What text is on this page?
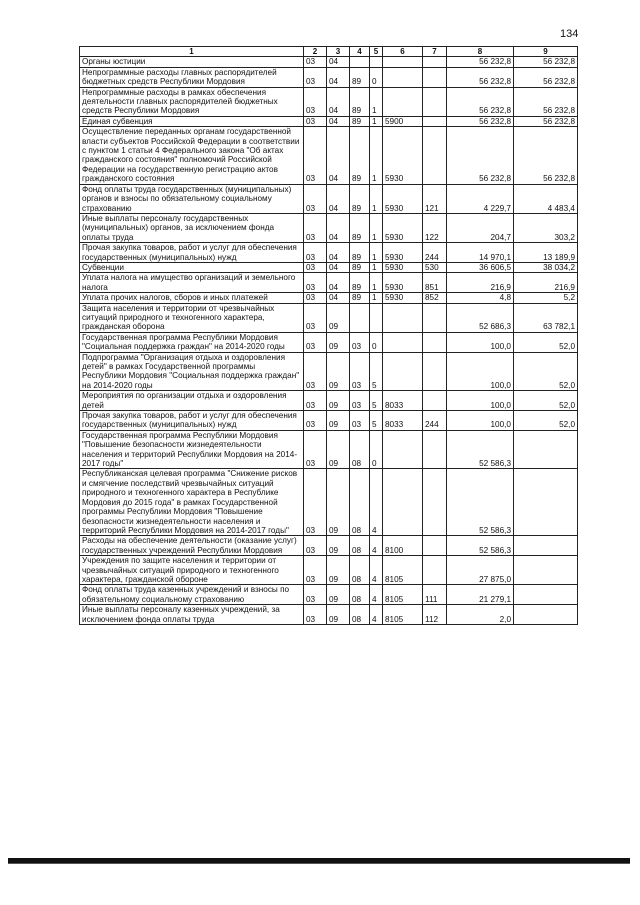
134
1	2	3	4	5	6	7	8	9
Органы юстиции	03	04					56 232,8	56 232,8
Непрограммные расходы главных распорядителей бюджетных средств Республики Мордовия	03	04	89	0			56 232,8	56 232,8
Непрограммные расходы в рамках обеспечения деятельности главных распорядителей бюджетных средств Республики Мордовия	03	04	89	1			56 232,8	56 232,8
Единая субвенция	03	04	89	1	5900		56 232,8	56 232,8
Осуществление переданных органам государственной власти субъектов Российской Федерации в соответствии с пунктом 1 статьи 4 Федерального закона "Об актах гражданского состояния" полномочий Российской Федерации на государственную регистрацию актов гражданского состояния	03	04	89	1	5930		56 232,8	56 232,8
Фонд оплаты труда государственных (муниципальных) органов и взносы по обязательному социальному страхованию	03	04	89	1	5930	121	4 229,7	4 483,4
Иные выплаты персоналу государственных (муниципальных) органов, за исключением фонда оплаты труда	03	04	89	1	5930	122	204,7	303,2
Прочая закупка товаров, работ и услуг для обеспечения государственных (муниципальных) нужд	03	04	89	1	5930	244	14 970,1	13 189,9
Субвенции	03	04	89	1	5930	530	36 606,5	38 034,2
Уплата налога на имущество организаций и земельного налога	03	04	89	1	5930	851	216,9	216,9
Уплата прочих налогов, сборов и иных платежей	03	04	89	1	5930	852	4,8	5,2
Защита населения и территории от чрезвычайных ситуаций природного и техногенного характера, гражданская оборона	03	09					52 686,3	63 782,1
Государственная программа Республики Мордовия "Социальная поддержка граждан" на 2014-2020 годы	03	09	03	0			100,0	52,0
Подпрограмма "Организация отдыха и оздоровления детей" в рамках Государственной программы Республики Мордовия "Социальная поддержка граждан" на 2014-2020 годы	03	09	03	5			100,0	52,0
Мероприятия по организации отдыха и оздоровления детей	03	09	03	5	8033		100,0	52,0
Прочая закупка товаров, работ и услуг для обеспечения государственных (муниципальных) нужд	03	09	03	5	8033	244	100,0	52,0
Государственная программа Республики Мордовия "Повышение безопасности жизнедеятельности населения и территорий Республики Мордовия на 2014-2017 годы"	03	09	08	0			52 586,3	
Республиканская целевая программа "Снижение рисков и смягчение последствий чрезвычайных ситуаций природного и техногенного характера в Республике Мордовия до 2015 года" в рамках Государственной программы Республики Мордовия "Повышение безопасности жизнедеятельности населения и территорий Республики Мордовия на 2014-2017 годы"	03	09	08	4			52 586,3	
Расходы на обеспечение деятельности (оказание услуг) государственных учреждений Республики Мордовия	03	09	08	4	8100		52 586,3	
Учреждения по защите населения и территории от чрезвычайных ситуаций природного и техногенного характера, гражданской обороне	03	09	08	4	8105		27 875,0	
Фонд оплаты труда казенных учреждений и взносы по обязательному социальному страхованию	03	09	08	4	8105	111	21 279,1	
Иные выплаты персоналу казенных учреждений, за исключением фонда оплаты труда	03	09	08	4	8105	112	2,0	
